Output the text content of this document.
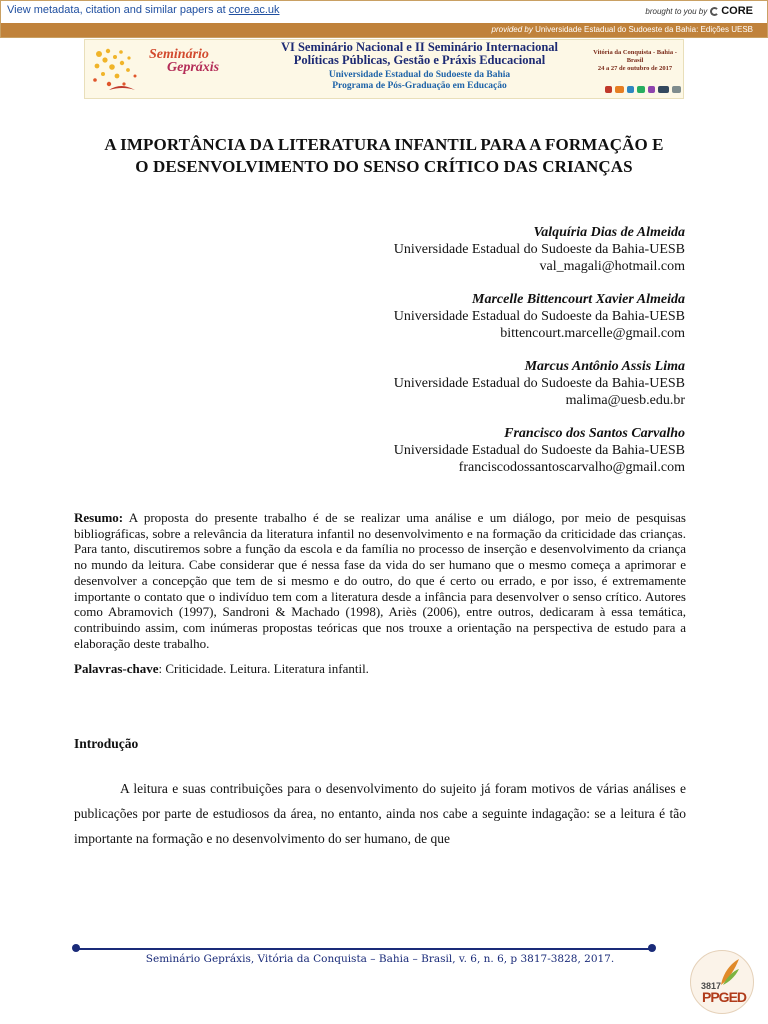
View metadata, citation and similar papers at core.ac.uk	brought to you by CORE
provided by Universidade Estadual do Sudoeste da Bahia: Edições UESB
Seminário
Gepráxis
VI Seminário Nacional e II Seminário Internacional
Políticas Públicas, Gestão e Práxis Educacional
Universidade Estadual do Sudoeste da Bahia
Programa de Pós-Graduação em Educação
Vitória da Conquista - Bahia - Brasil
24 a 27 de outubro de 2017
A IMPORTÂNCIA DA LITERATURA INFANTIL PARA A FORMAÇÃO E
O DESENVOLVIMENTO DO SENSO CRÍTICO DAS CRIANÇAS
Valquíria Dias de Almeida
Universidade Estadual do Sudoeste da Bahia-UESB
val_magali@hotmail.com
Marcelle Bittencourt Xavier Almeida
Universidade Estadual do Sudoeste da Bahia-UESB
bittencourt.marcelle@gmail.com
Marcus Antônio Assis Lima
Universidade Estadual do Sudoeste da Bahia-UESB
malima@uesb.edu.br
Francisco dos Santos Carvalho
Universidade Estadual do Sudoeste da Bahia-UESB
franciscodossantoscarvalho@gmail.com
Resumo: A proposta do presente trabalho é de se realizar uma análise e um diálogo, por meio de pesquisas bibliográficas, sobre a relevância da literatura infantil no desenvolvimento e na formação da criticidade das crianças. Para tanto, discutiremos sobre a função da escola e da família no processo de inserção e desenvolvimento da criança no mundo da leitura. Cabe considerar que é nessa fase da vida do ser humano que o mesmo começa a aprimorar e desenvolver a concepção que tem de si mesmo e do outro, do que é certo ou errado, e por isso, é extremamente importante o contato que o indivíduo tem com a literatura desde a infância para desenvolver o senso crítico. Autores como Abramovich (1997), Sandroni & Machado (1998), Ariès (2006), entre outros, dedicaram à essa temática, contribuindo assim, com inúmeras propostas teóricas que nos trouxe a orientação na perspectiva de estudo para a elaboração deste trabalho.
Palavras-chave: Criticidade. Leitura. Literatura infantil.
Introdução
A leitura e suas contribuições para o desenvolvimento do sujeito já foram motivos de várias análises e publicações por parte de estudiosos da área, no entanto, ainda nos cabe a seguinte indagação: se a leitura é tão importante na formação e no desenvolvimento do ser humano, de que
Seminário Gepráxis, Vitória da Conquista – Bahia – Brasil, v. 6, n. 6, p 3817-3828, 2017.
3817
PPGED
